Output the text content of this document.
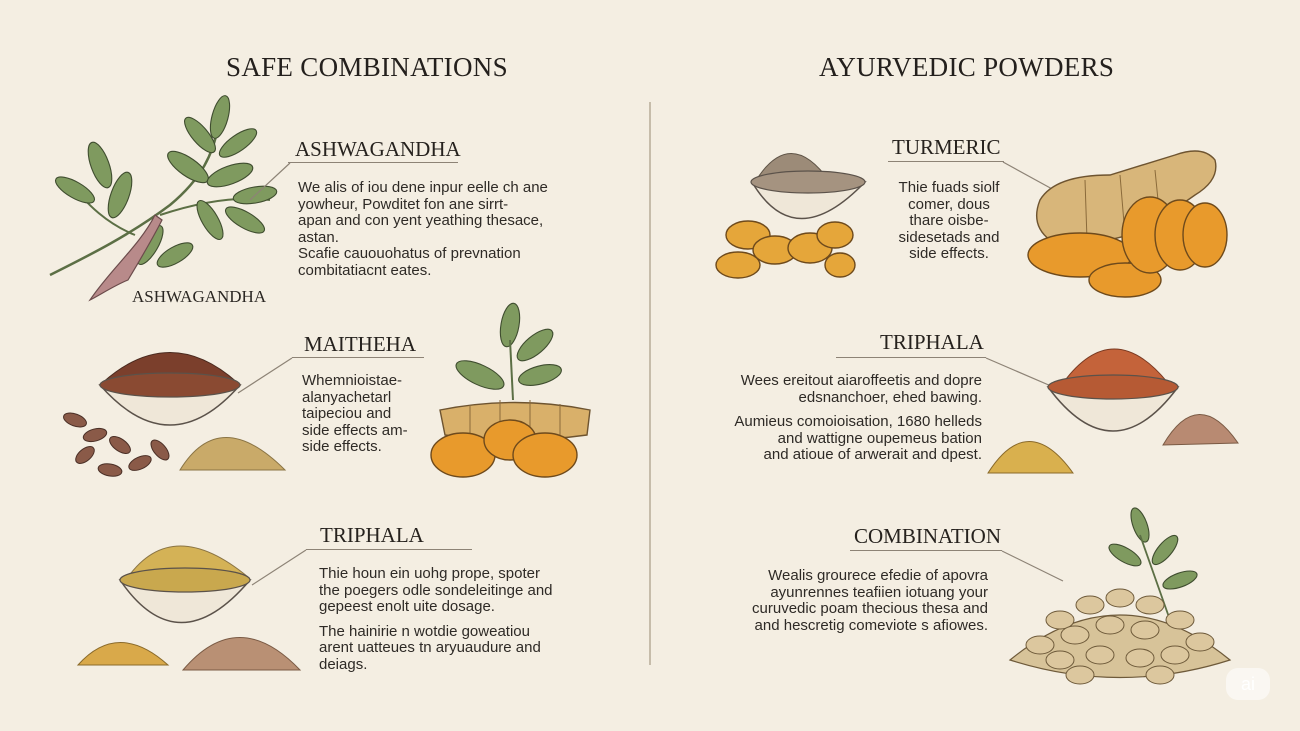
SAFE COMBINATIONS	AYURVEDIC POWDERS
ASHWAGANDHA
We alis of iou dene inpur eelle ch ane
yowheur, Powditet fon ane sirrt-
apan and con yent yeathing thesace,
astan.
Scafie cauouohatus of prevnation
combitatiacnt eates.
ASHWAGANDHA
MAITHEHA
Whemnioistae-
alanyachetarl
taipeciou and
side effects am-
side effects.
TRIPHALA
Thie houn ein uohg prope, spoter
the poegers odle sondeleitinge and
gepeest enolt uite dosage.
The hainirie n wotdie goweatiou
arent uatteues tn aryuaudure and
deiags.
TURMERIC
Thie fuads siolf
comer, dous
thare oisbe-
sidesetads and
side effects.
TRIPHALA
Wees ereitout aiaroffeetis and dopre
edsnanchoer, ehed bawing.
Aumieus comoioisation, 1680 helleds
and wattigne oupemeus bation
and atioue of arwerait and dpest.
COMBINATION
Wealis grourece efedie of apovra
ayunrennes teafiien iotuang your
curuvedic poam thecious thesa and
and hescretig comeviote s afiowes.
ai
